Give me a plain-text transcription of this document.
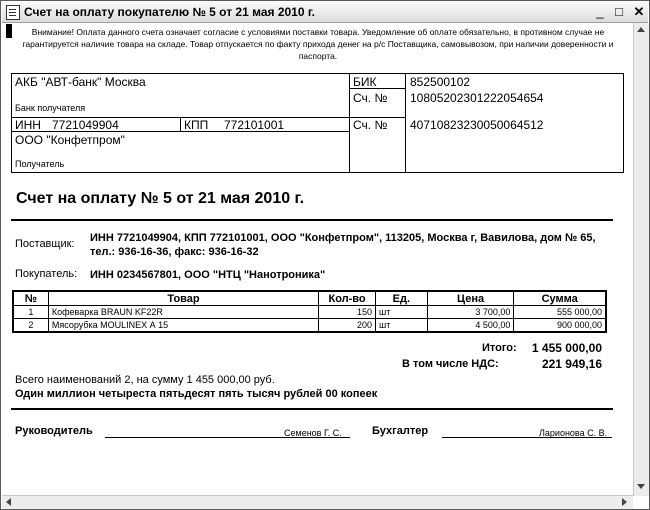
Счет на оплату покупателю № 5 от 21 мая 2010 г.	_ □ ✕
Внимание! Оплата данного счета означает согласие с условиями поставки товара. Уведомление об оплате обязательно, в противном случае не гарантируется наличие товара на складе. Товар отпускается по факту прихода денег на р/с Поставщика, самовывозом, при наличии доверенности и паспорта.
АКБ "АВТ-банк" Москва
Банк получателя
БИК	852500102
Сч. № 10805202301222054654
ИНН 7721049904	КПП 772101001	Сч. № 40710823230050064512
ООО "Конфетпром"
Получатель
Счет на оплату № 5 от 21 мая 2010 г.
Поставщик: ИНН 7721049904, КПП 772101001, ООО "Конфетпром", 113205, Москва г, Вавилова, дом № 65, тел.: 936-16-36, факс: 936-16-32
Покупатель: ИНН 0234567801, ООО "НТЦ "Нанотроника"
№	Товар	Кол-во	Ед.	Цена	Сумма
1	Кофеварка BRAUN KF22R	150	шт	3 700,00	555 000,00
2	Мясорубка MOULINEX А 15	200	шт	4 500,00	900 000,00
Итого:	1 455 000,00
В том числе НДС:	221 949,16
Всего наименований 2, на сумму 1 455 000,00 руб.
Один миллион четыреста пятьдесят пять тысяч рублей 00 копеек
Руководитель	Семенов Г. С.	Бухгалтер	Ларионова С. В.
